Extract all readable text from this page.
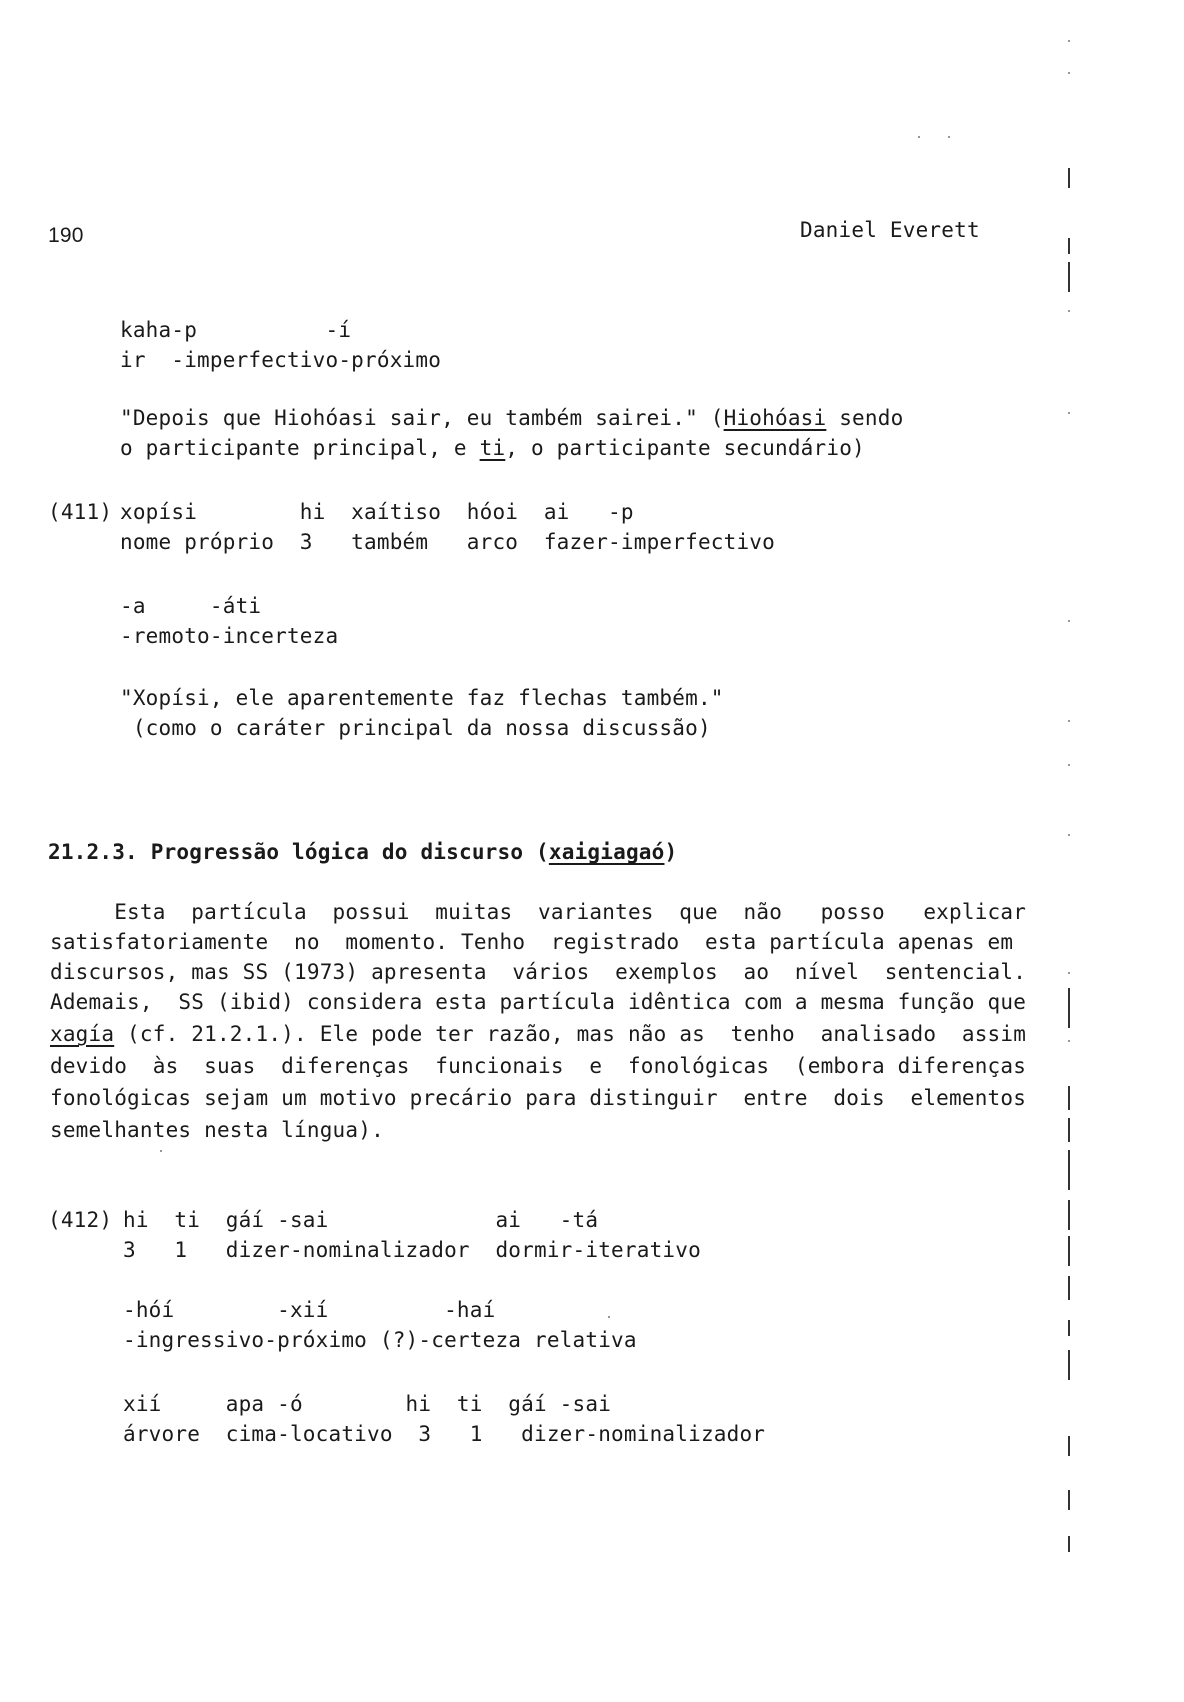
190	Daniel Everett
kaha-p          -í
ir  -imperfectivo-próximo
"Depois que Hiohóasi sair, eu também sairei." (Hiohóasi sendo
o participante principal, e ti, o participante secundário)
(411) xopísi        hi  xaítiso  hóoi  ai   -p
nome próprio  3   também   arco  fazer-imperfectivo
-a     -áti
-remoto-incerteza
"Xopísi, ele aparentemente faz flechas também."
(como o caráter principal da nossa discussão)
21.2.3. Progressão lógica do discurso (xaigiagaó)
Esta  partícula  possui  muitas  variantes  que  não   posso   explicar
satisfatoriamente  no  momento. Tenho  registrado  esta partícula apenas em
discursos, mas SS (1973) apresenta  vários  exemplos  ao  nível  sentencial.
Ademais,  SS (ibid) considera esta partícula idêntica com a mesma função que
xagía (cf. 21.2.1.). Ele pode ter razão, mas não as  tenho  analisado  assim
devido  às  suas  diferenças  funcionais  e  fonológicas  (embora diferenças
fonológicas sejam um motivo precário para distinguir  entre  dois  elementos
semelhantes nesta língua).
(412) hi  ti  gáí -sai             ai   -tá
3   1   dizer-nominalizador  dormir-iterativo
-hóí        -xií         -haí
-ingressivo-próximo (?)-certeza relativa
xií     apa -ó        hi  ti  gáí -sai
árvore  cima-locativo  3   1   dizer-nominalizador
